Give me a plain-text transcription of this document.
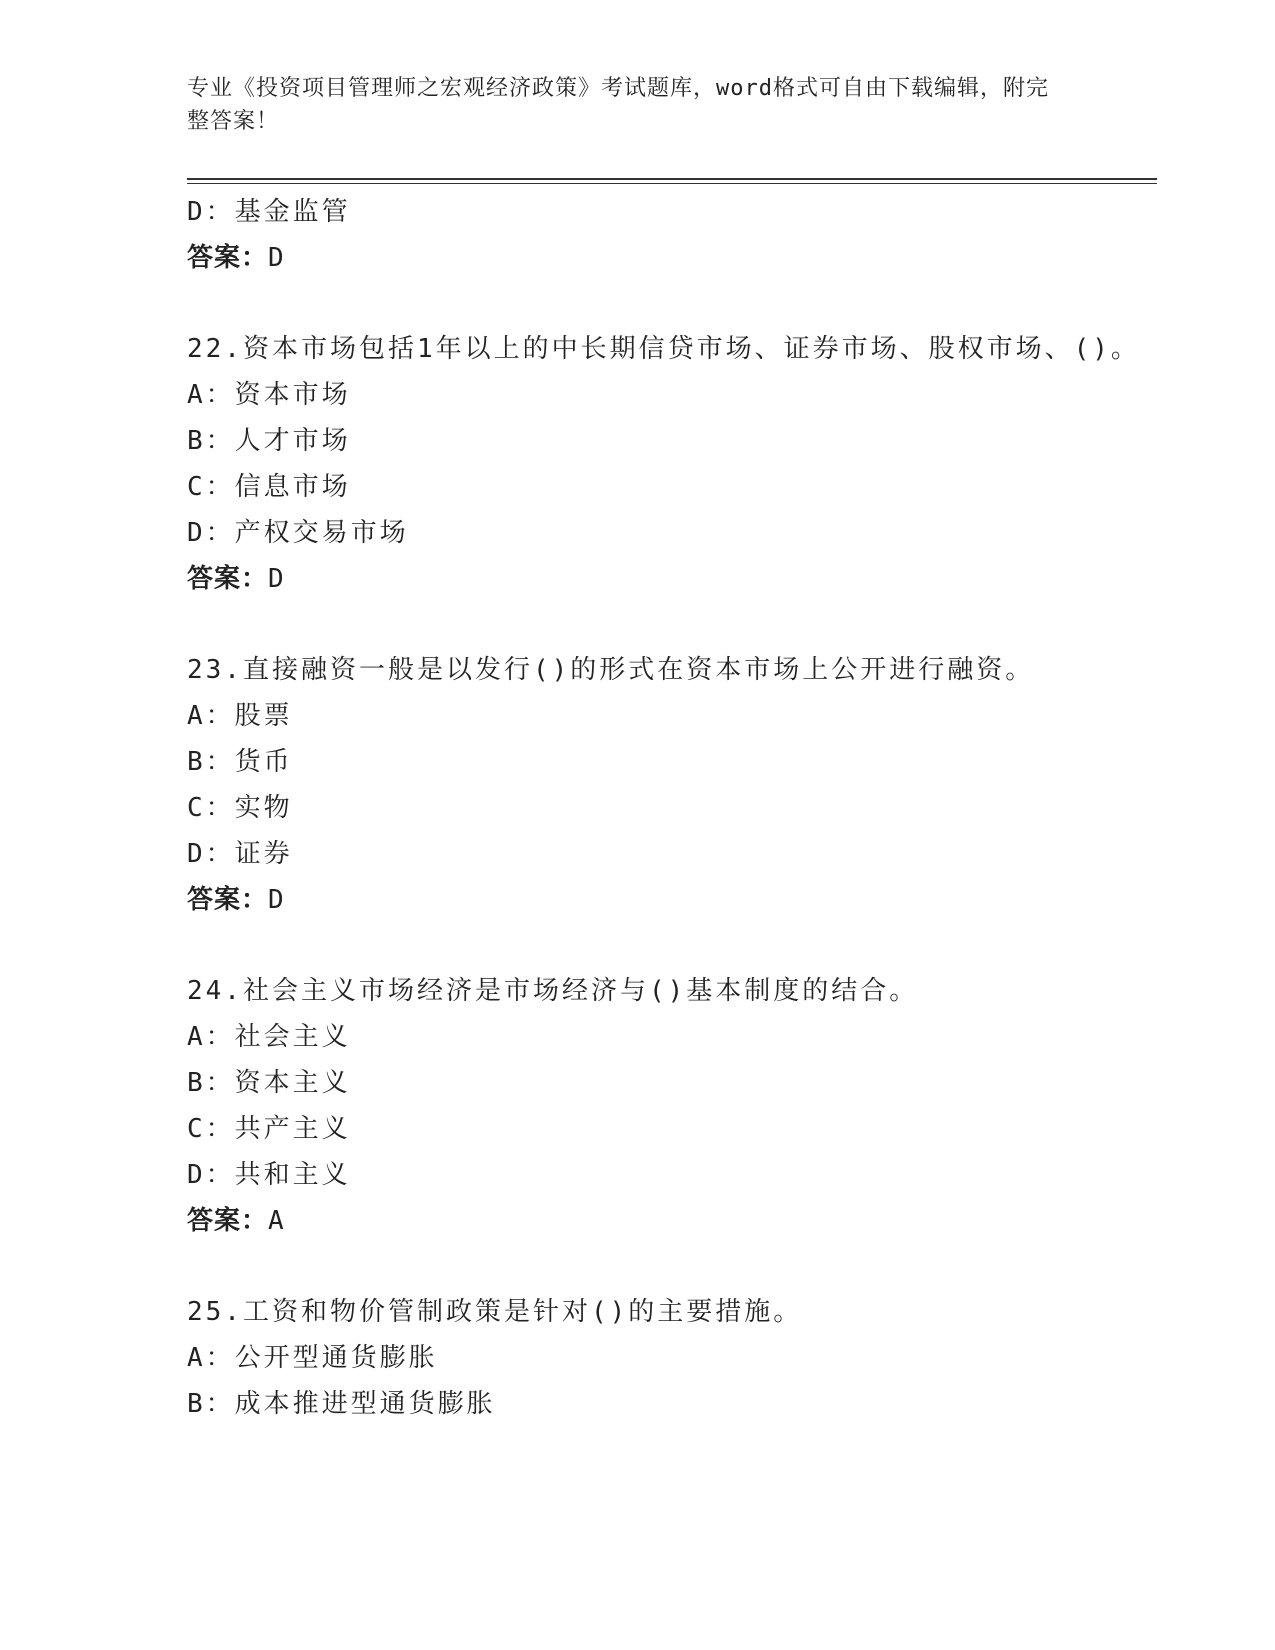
专业《投资项目管理师之宏观经济政策》考试题库，word格式可自由下载编辑，附完整答案！
D：基金监管
答案：D
22.资本市场包括1年以上的中长期信贷市场、证券市场、股权市场、()。
A：资本市场
B：人才市场
C：信息市场
D：产权交易市场
答案：D
23.直接融资一般是以发行()的形式在资本市场上公开进行融资。
A：股票
B：货币
C：实物
D：证券
答案：D
24.社会主义市场经济是市场经济与()基本制度的结合。
A：社会主义
B：资本主义
C：共产主义
D：共和主义
答案：A
25.工资和物价管制政策是针对()的主要措施。
A：公开型通货膨胀
B：成本推进型通货膨胀
